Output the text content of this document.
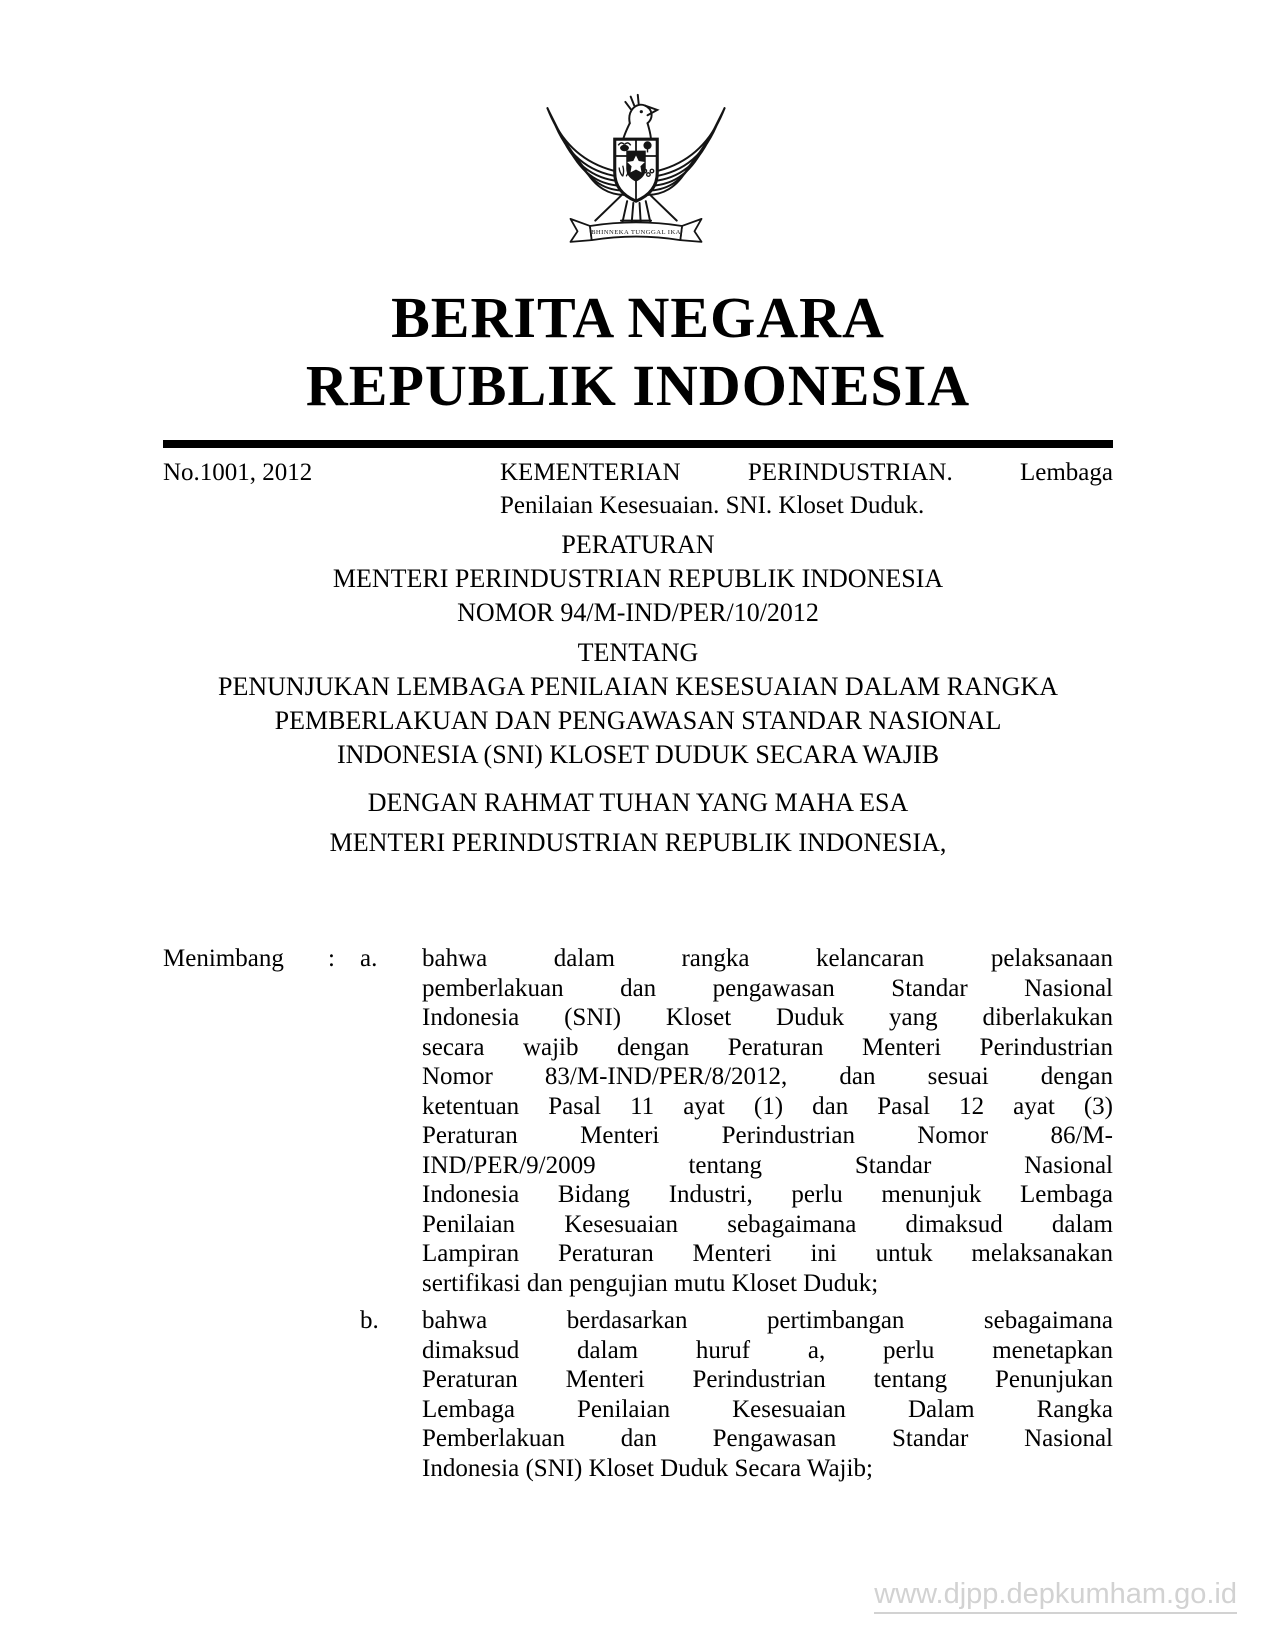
BHINNEKA TUNGGAL IKA
BERITA NEGARA
REPUBLIK INDONESIA
No.1001, 2012	KEMENTERIAN PERINDUSTRIAN. Lembaga
Penilaian Kesesuaian. SNI. Kloset Duduk.
PERATURAN
MENTERI PERINDUSTRIAN REPUBLIK INDONESIA
NOMOR 94/M-IND/PER/10/2012
TENTANG
PENUNJUKAN LEMBAGA PENILAIAN KESESUAIAN DALAM RANGKA
PEMBERLAKUAN DAN PENGAWASAN STANDAR NASIONAL
INDONESIA (SNI) KLOSET DUDUK SECARA WAJIB
DENGAN RAHMAT TUHAN YANG MAHA ESA
MENTERI PERINDUSTRIAN REPUBLIK INDONESIA,
Menimbang	:	a.	bahwa dalam rangka kelancaran pelaksanaan
pemberlakuan dan pengawasan Standar Nasional
Indonesia (SNI) Kloset Duduk yang diberlakukan
secara wajib dengan Peraturan Menteri Perindustrian
Nomor 83/M-IND/PER/8/2012, dan sesuai dengan
ketentuan Pasal 11 ayat (1) dan Pasal 12 ayat (3)
Peraturan Menteri Perindustrian Nomor 86/M-
IND/PER/9/2009 tentang Standar Nasional
Indonesia Bidang Industri, perlu menunjuk Lembaga
Penilaian Kesesuaian sebagaimana dimaksud dalam
Lampiran Peraturan Menteri ini untuk melaksanakan
sertifikasi dan pengujian mutu Kloset Duduk;
b.	bahwa berdasarkan pertimbangan sebagaimana
dimaksud dalam huruf a, perlu menetapkan
Peraturan Menteri Perindustrian tentang Penunjukan
Lembaga Penilaian Kesesuaian Dalam Rangka
Pemberlakuan dan Pengawasan Standar Nasional
Indonesia (SNI) Kloset Duduk Secara Wajib;
www.djpp.depkumham.go.id
